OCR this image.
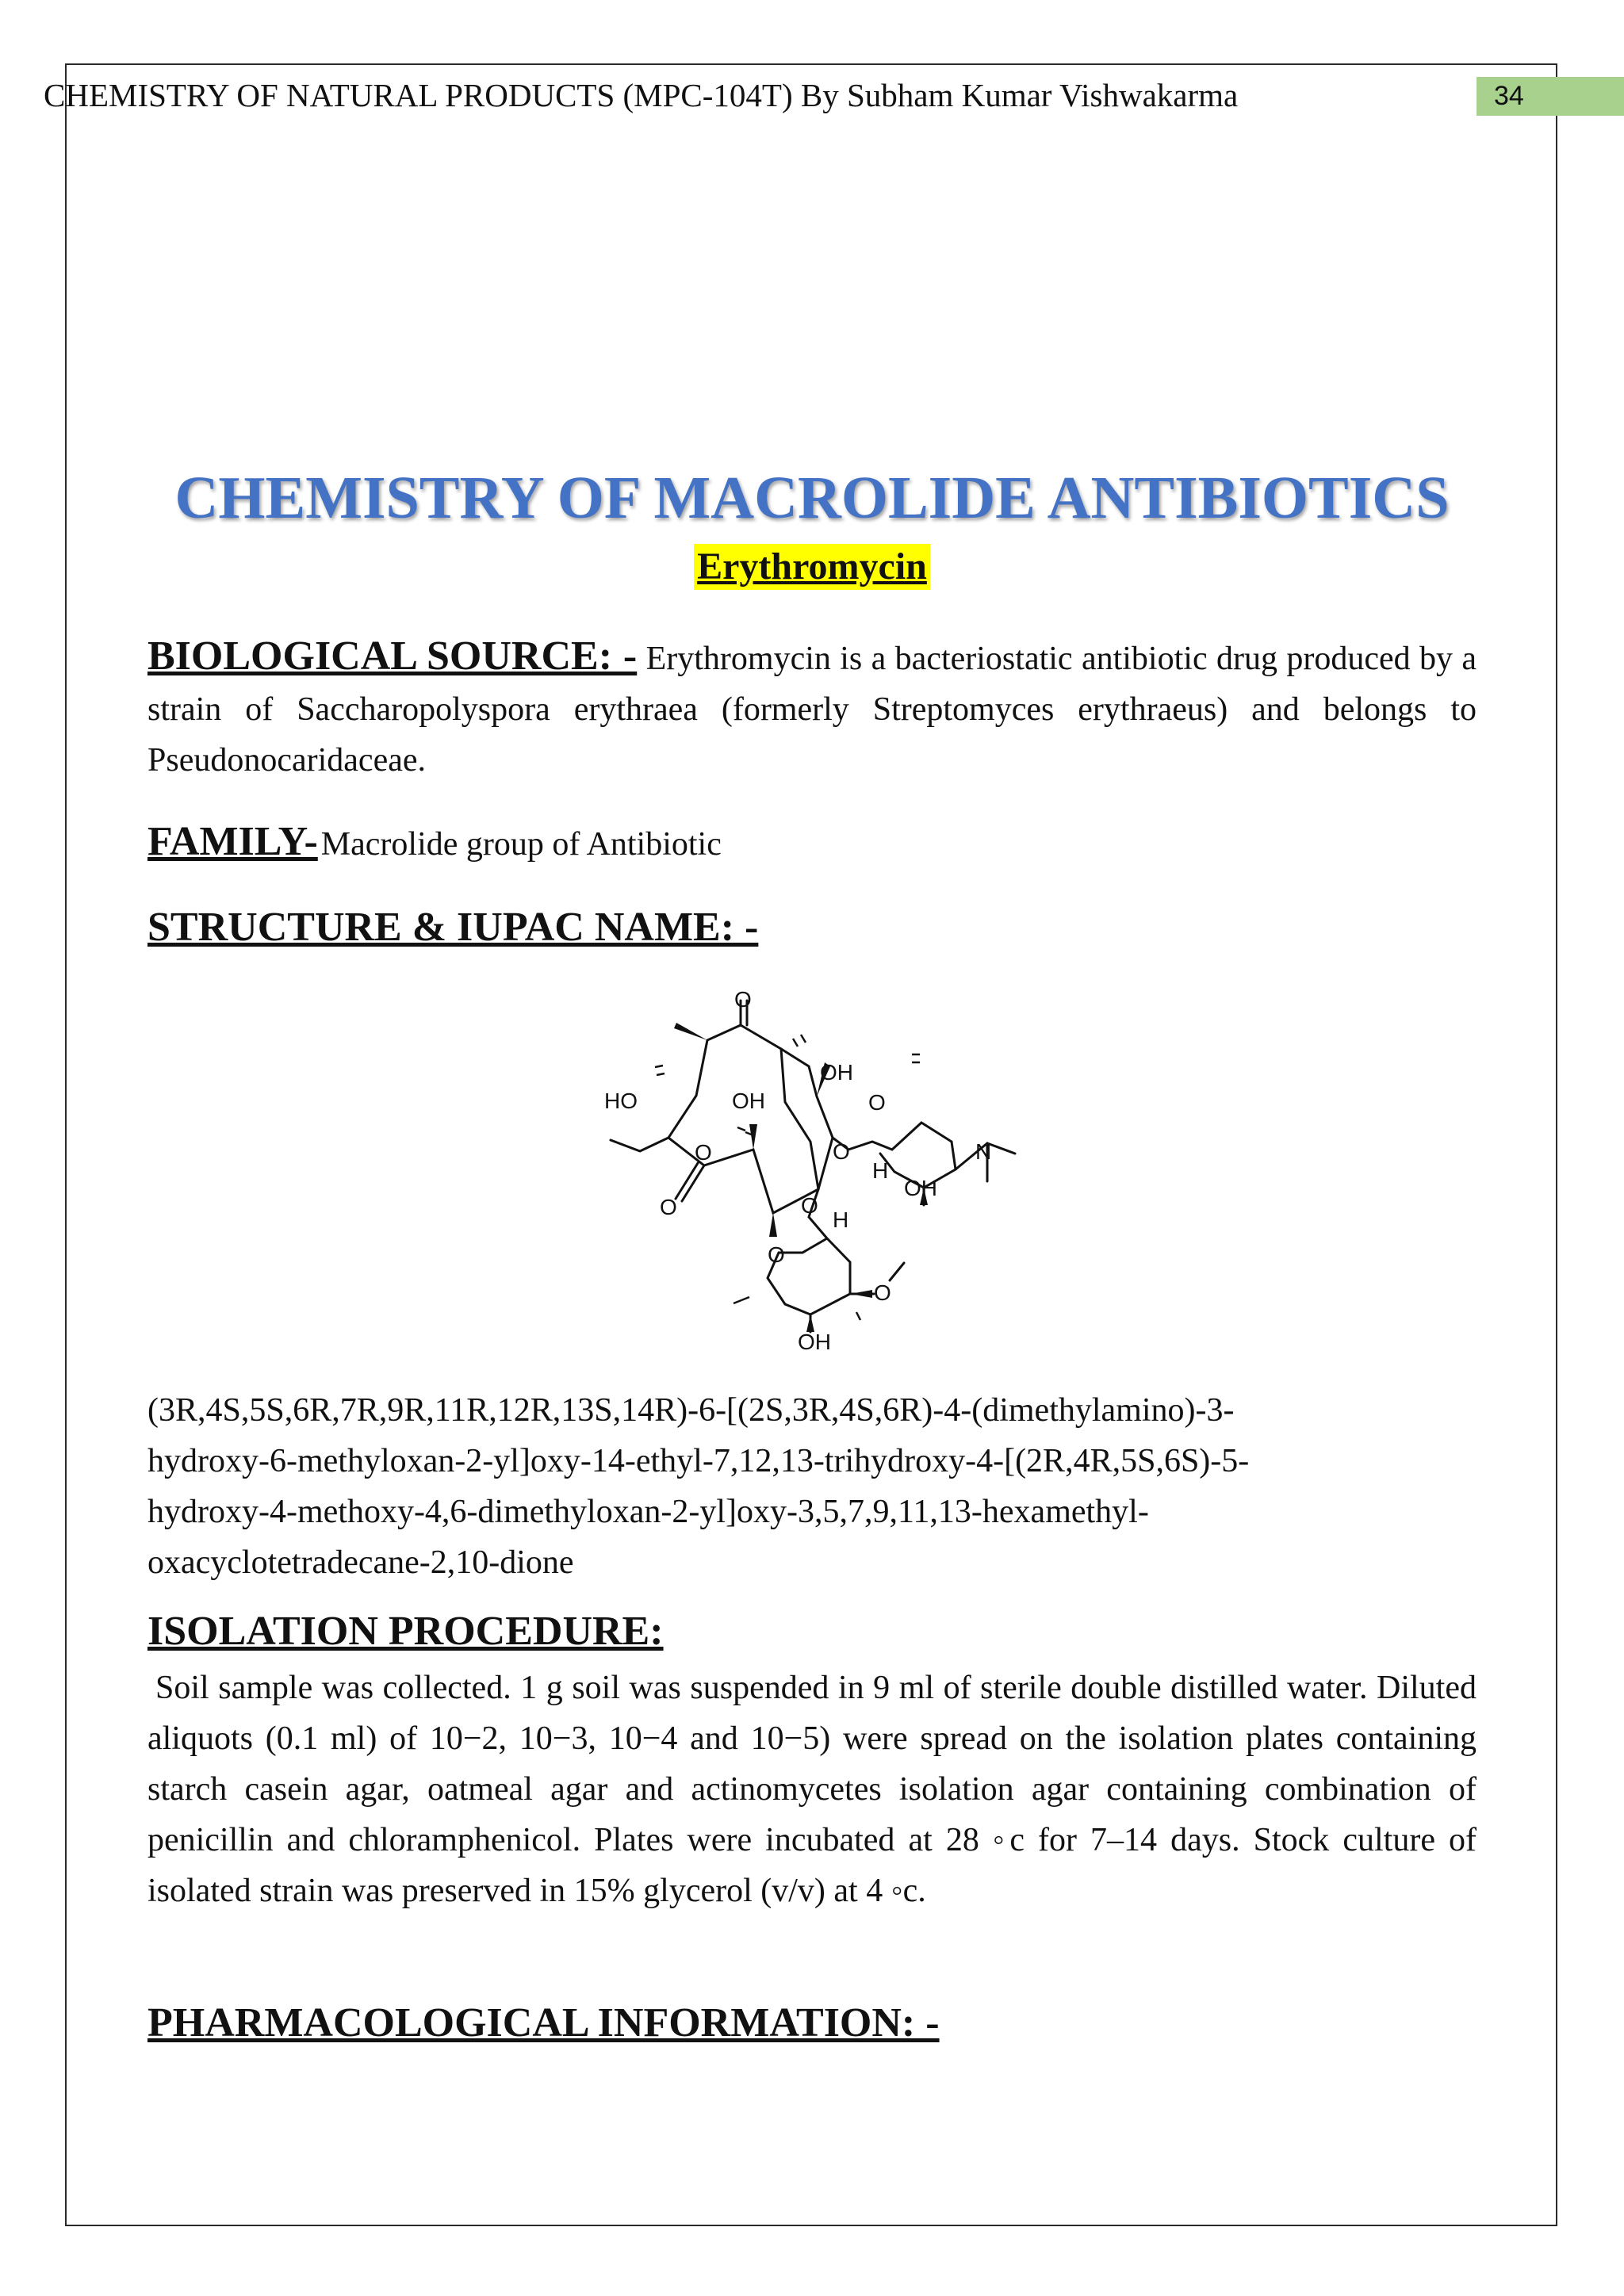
CHEMISTRY OF NATURAL PRODUCTS (MPC-104T) By Subham Kumar Vishwakarma	34
CHEMISTRY OF MACROLIDE ANTIBIOTICS
Erythromycin
BIOLOGICAL SOURCE: - Erythromycin is a bacteriostatic antibiotic drug produced by a strain of Saccharopolyspora erythraea (formerly Streptomyces erythraeus) and belongs to Pseudonocaridaceae.
FAMILY- Macrolide group of Antibiotic
STRUCTURE & IUPAC NAME: -
O
OH
HO	OH	O
O	O
H
OH
N
O	O
H
O
O
OH
(3R,4S,5S,6R,7R,9R,11R,12R,13S,14R)-6-[(2S,3R,4S,6R)-4-(dimethylamino)-3-
hydroxy-6-methyloxan-2-yl]oxy-14-ethyl-7,12,13-trihydroxy-4-[(2R,4R,5S,6S)-5-
hydroxy-4-methoxy-4,6-dimethyloxan-2-yl]oxy-3,5,7,9,11,13-hexamethyl-
oxacyclotetradecane-2,10-dione
ISOLATION PROCEDURE:
Soil sample was collected. 1 g soil was suspended in 9 ml of sterile double distilled water. Diluted aliquots (0.1 ml) of 10−2, 10−3, 10−4 and 10−5) were spread on the isolation plates containing starch casein agar, oatmeal agar and actinomycetes isolation agar containing combination of penicillin and chloramphenicol. Plates were incubated at 28 ◦c for 7–14 days. Stock culture of isolated strain was preserved in 15% glycerol (v/v) at 4 ◦c.
PHARMACOLOGICAL INFORMATION: -
